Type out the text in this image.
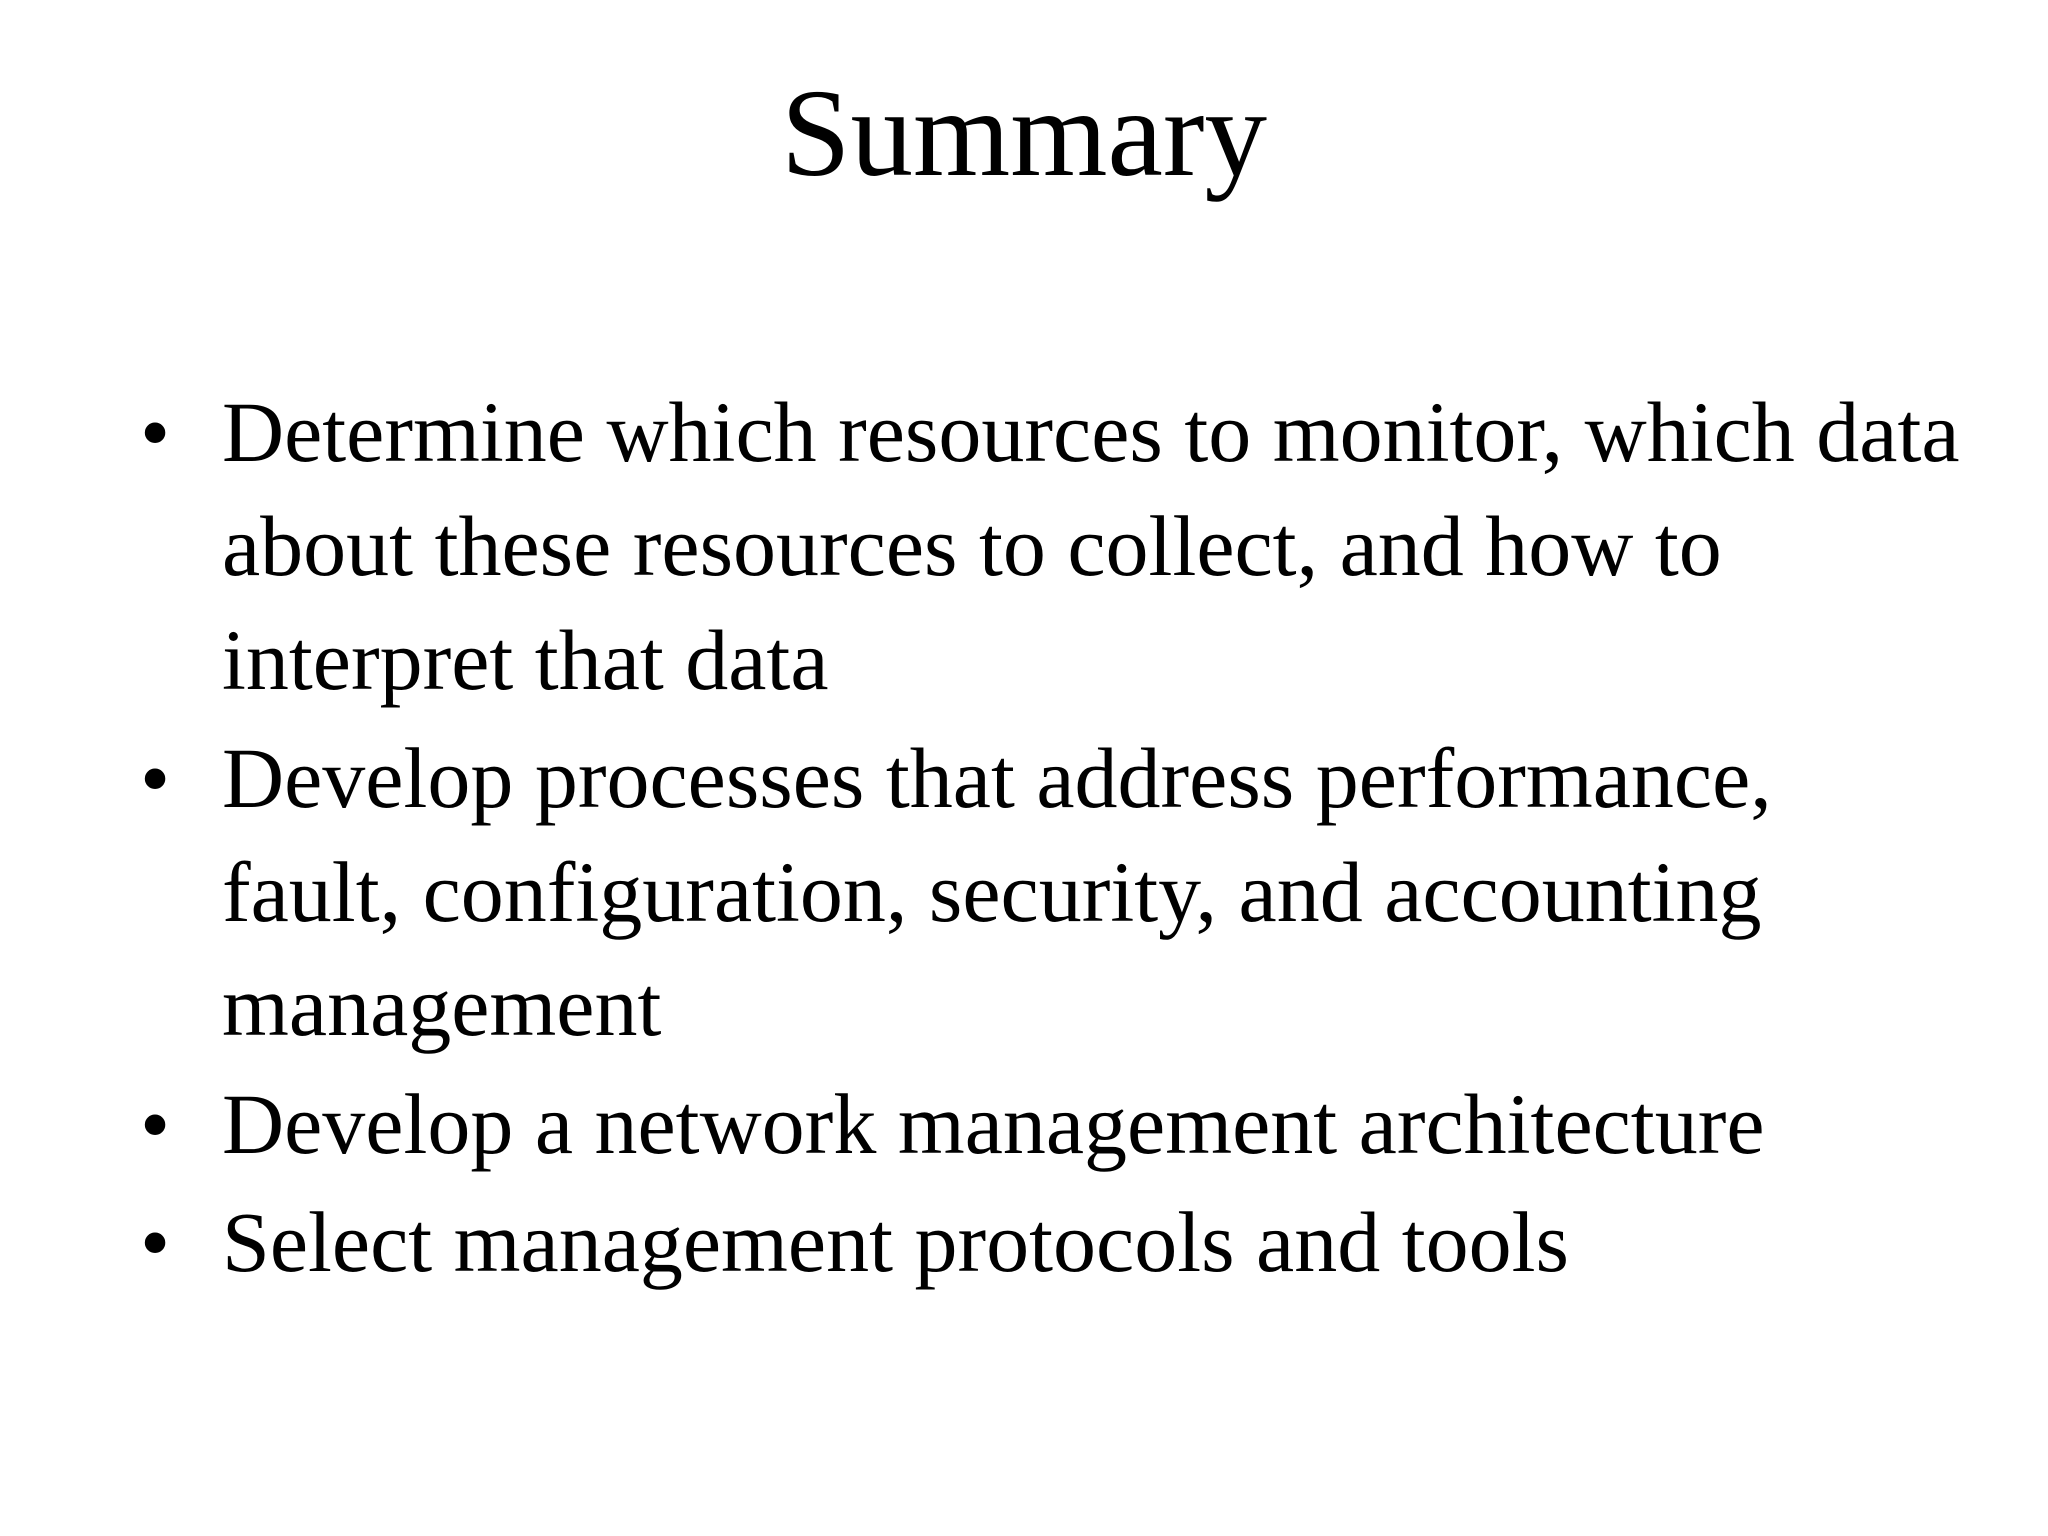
Summary
• Determine which resources to monitor, which data about these resources to collect, and how to interpret that data
• Develop processes that address performance, fault, configuration, security, and accounting management
• Develop a network management architecture
• Select management protocols and tools
